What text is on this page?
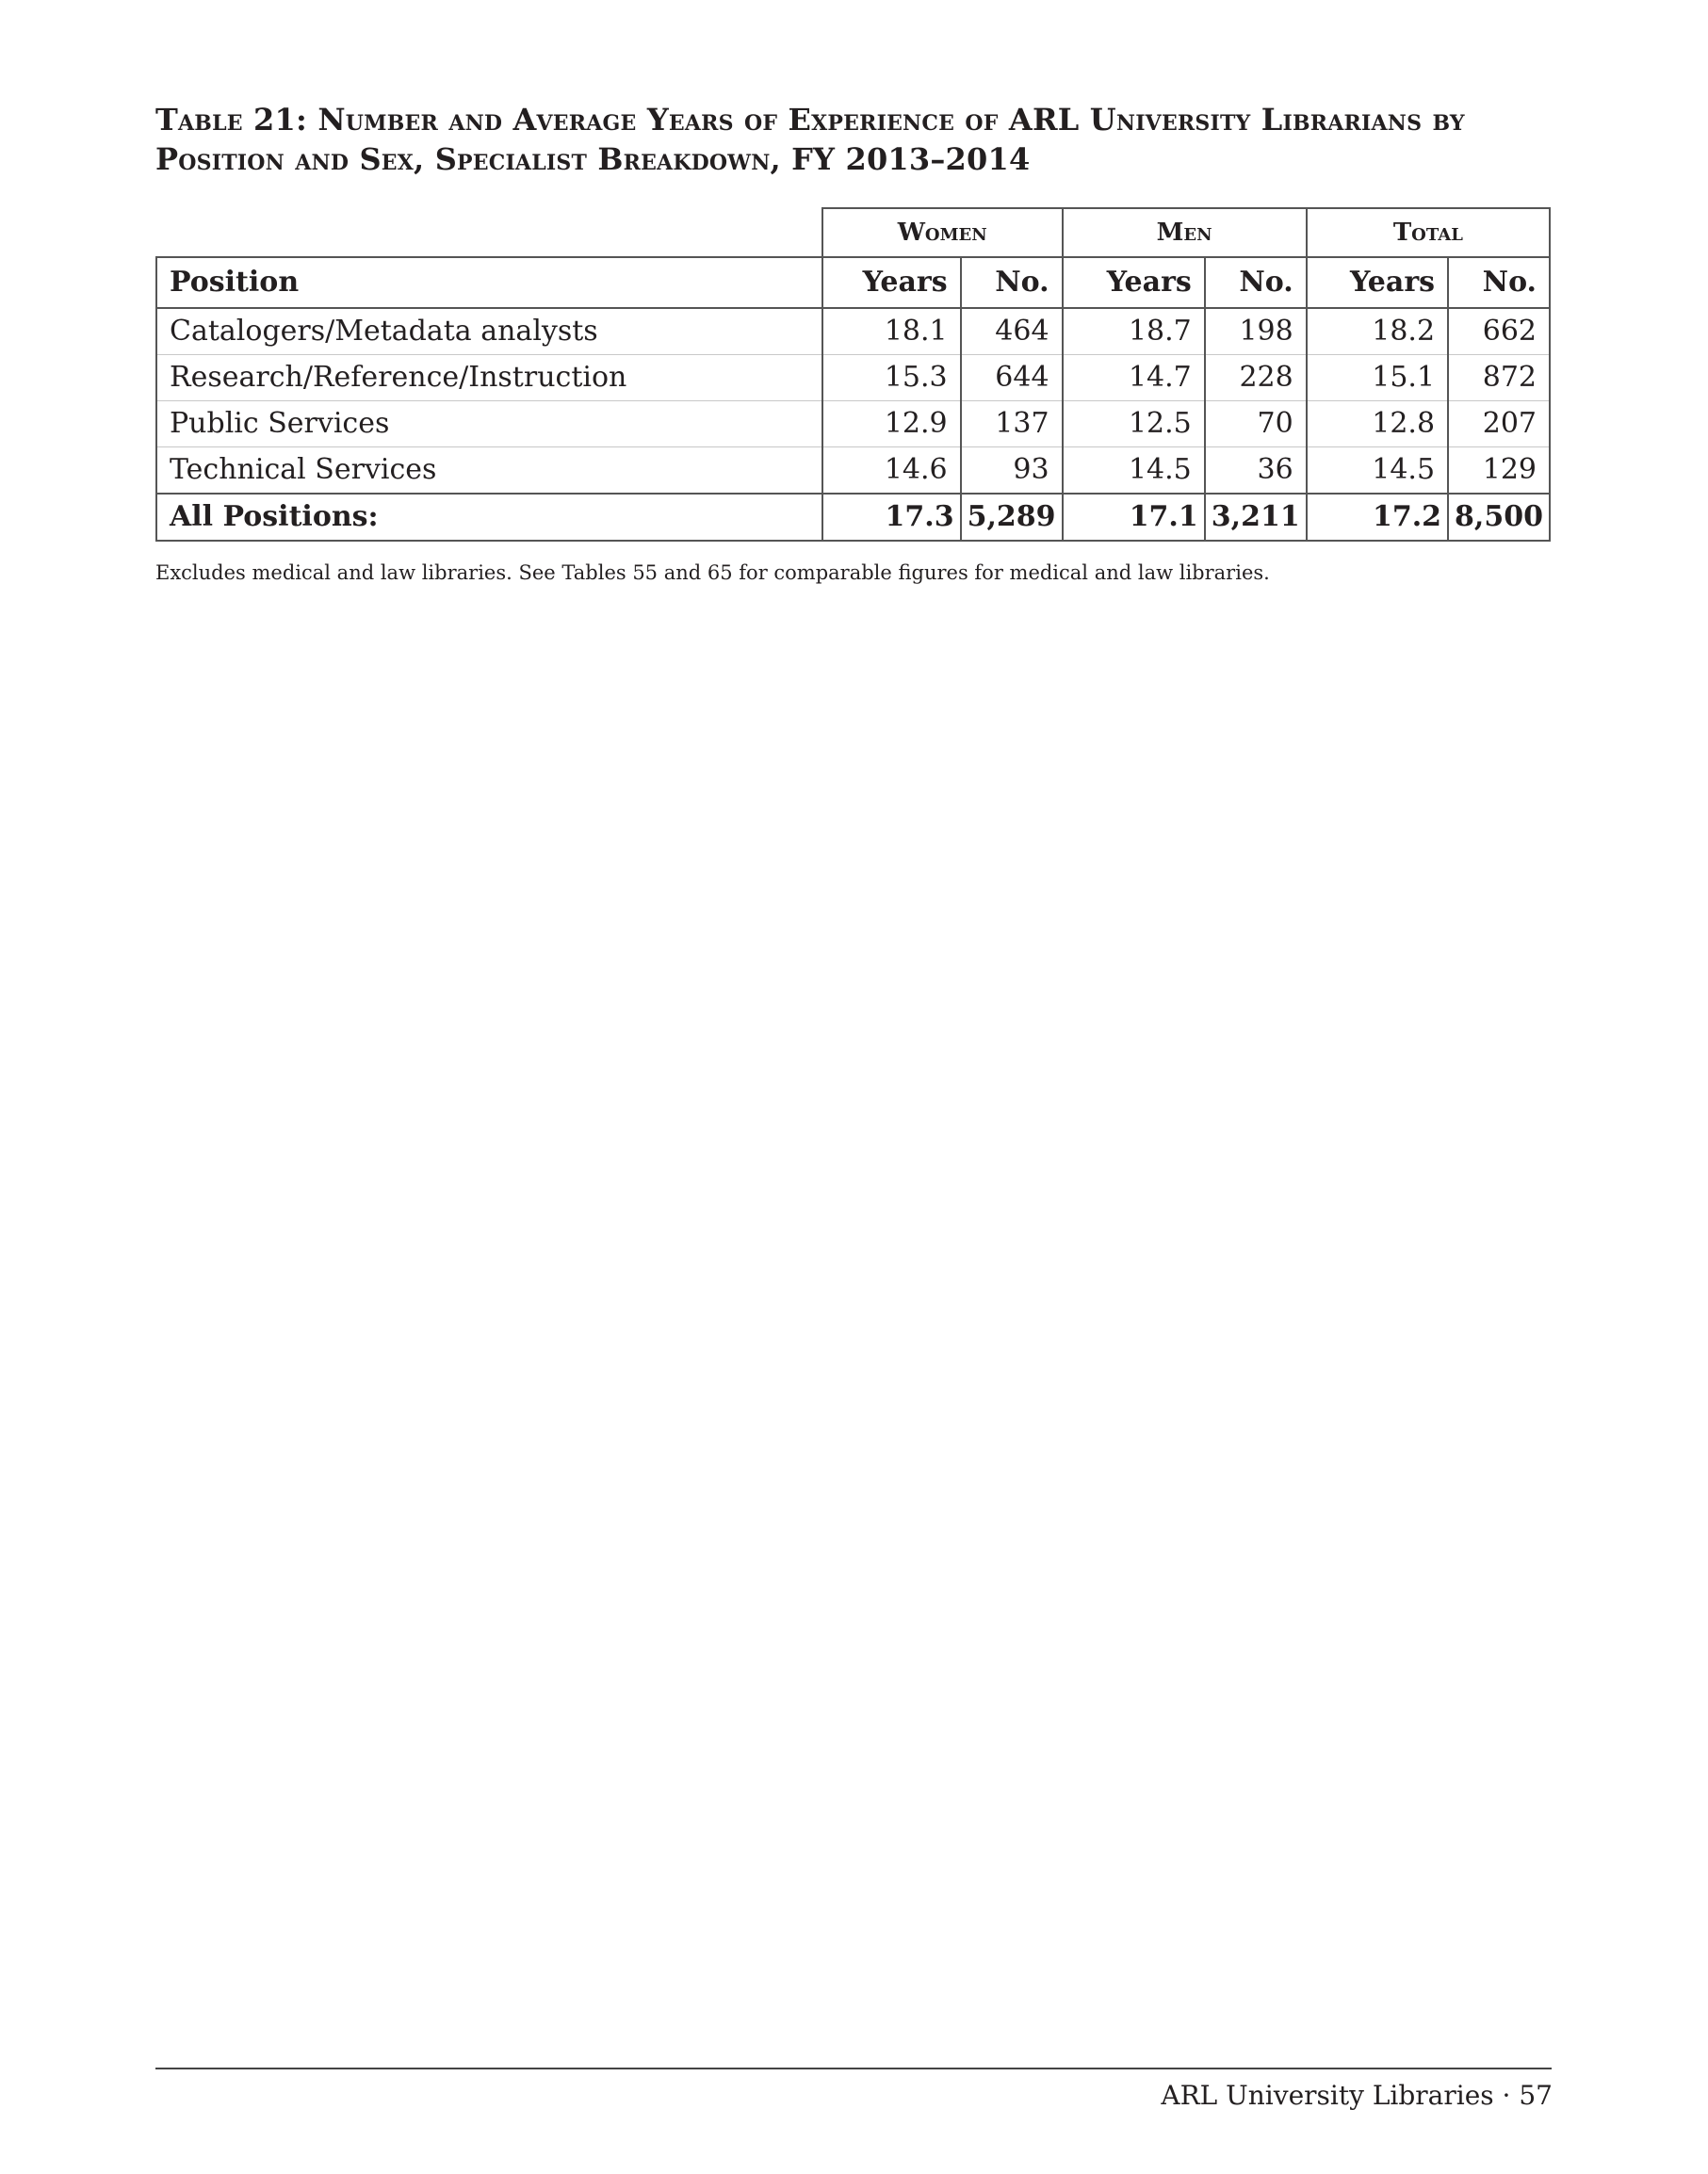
Table 21: Number and Average Years of Experience of ARL University Librarians by Position and Sex, Specialist Breakdown, FY 2013–2014
	Women		Men		Total	
Position	Years	No.	Years	No.	Years	No.
Catalogers/Metadata analysts	18.1	464	18.7	198	18.2	662
Research/Reference/Instruction	15.3	644	14.7	228	15.1	872
Public Services	12.9	137	12.5	70	12.8	207
Technical Services	14.6	93	14.5	36	14.5	129
All Positions:	17.3	5,289	17.1	3,211	17.2	8,500

Excludes medical and law libraries. See Tables 55 and 65 for comparable figures for medical and law libraries.

ARL University Libraries · 57
